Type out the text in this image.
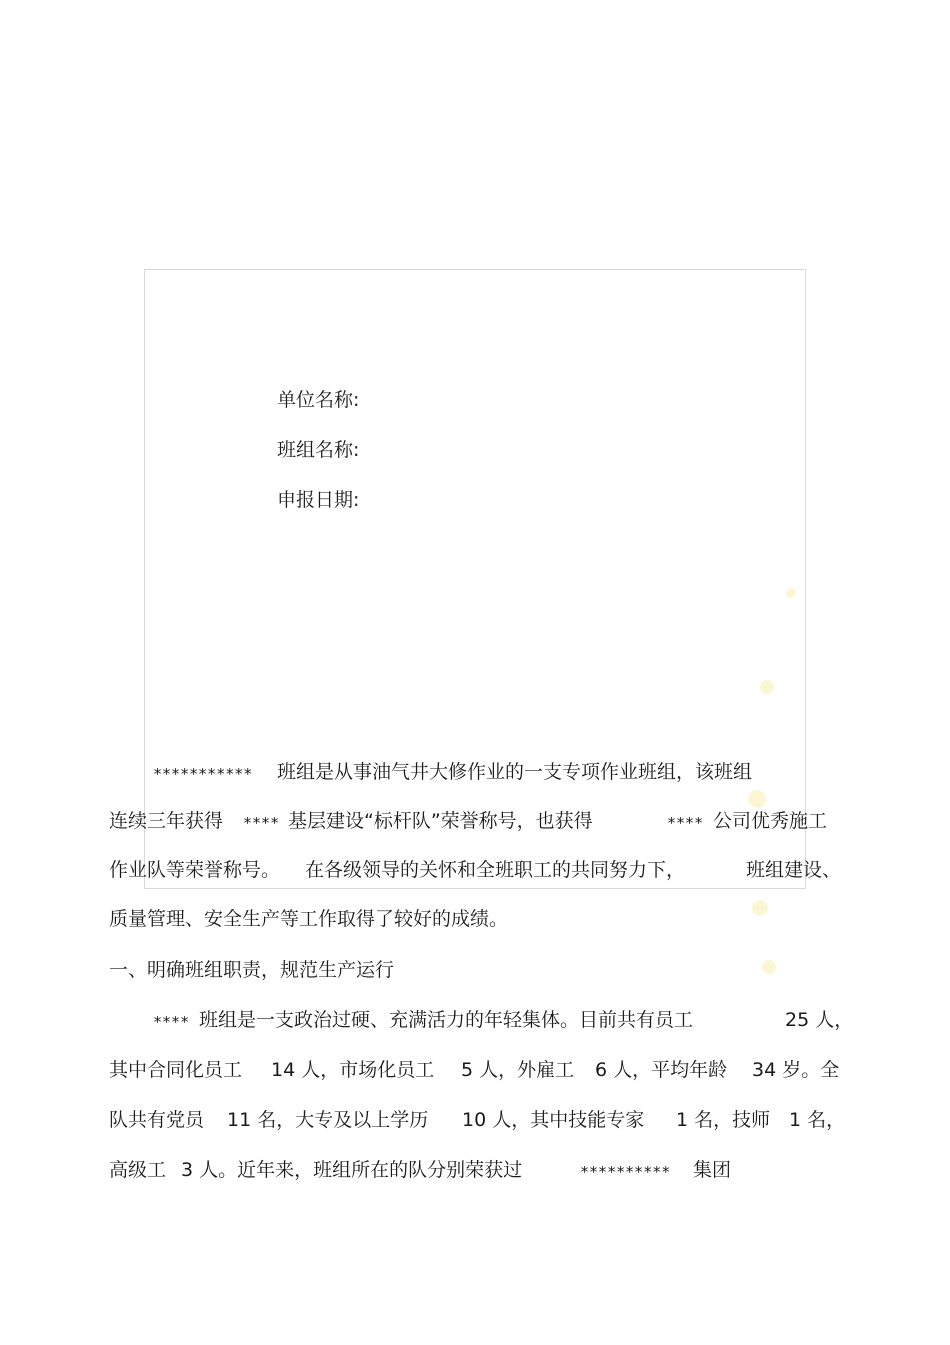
单位名称:
班组名称:
申报日期:
*********** 班组是从事油气井大修作业的一支专项作业班组，该班组
连续三年获得 **** 基层建设“标杆队”荣誉称号，也获得	**** 公司优秀施工
作业队等荣誉称号。 在各级领导的关怀和全班职工的共同努力下，	班组建设、
质量管理、安全生产等工作取得了较好的成绩。
一、明确班组职责，规范生产运行
**** 班组是一支政治过硬、充满活力的年轻集体。目前共有员工	25 人，
其中合同化员工 14 人，市场化员工 5 人，外雇工 6 人，平均年龄 34 岁。全
队共有党员 11 名，大专及以上学历 10 人，其中技能专家 1 名，技师 1 名，
高级工 3 人。近年来，班组所在的队分别荣获过	********** 集团
